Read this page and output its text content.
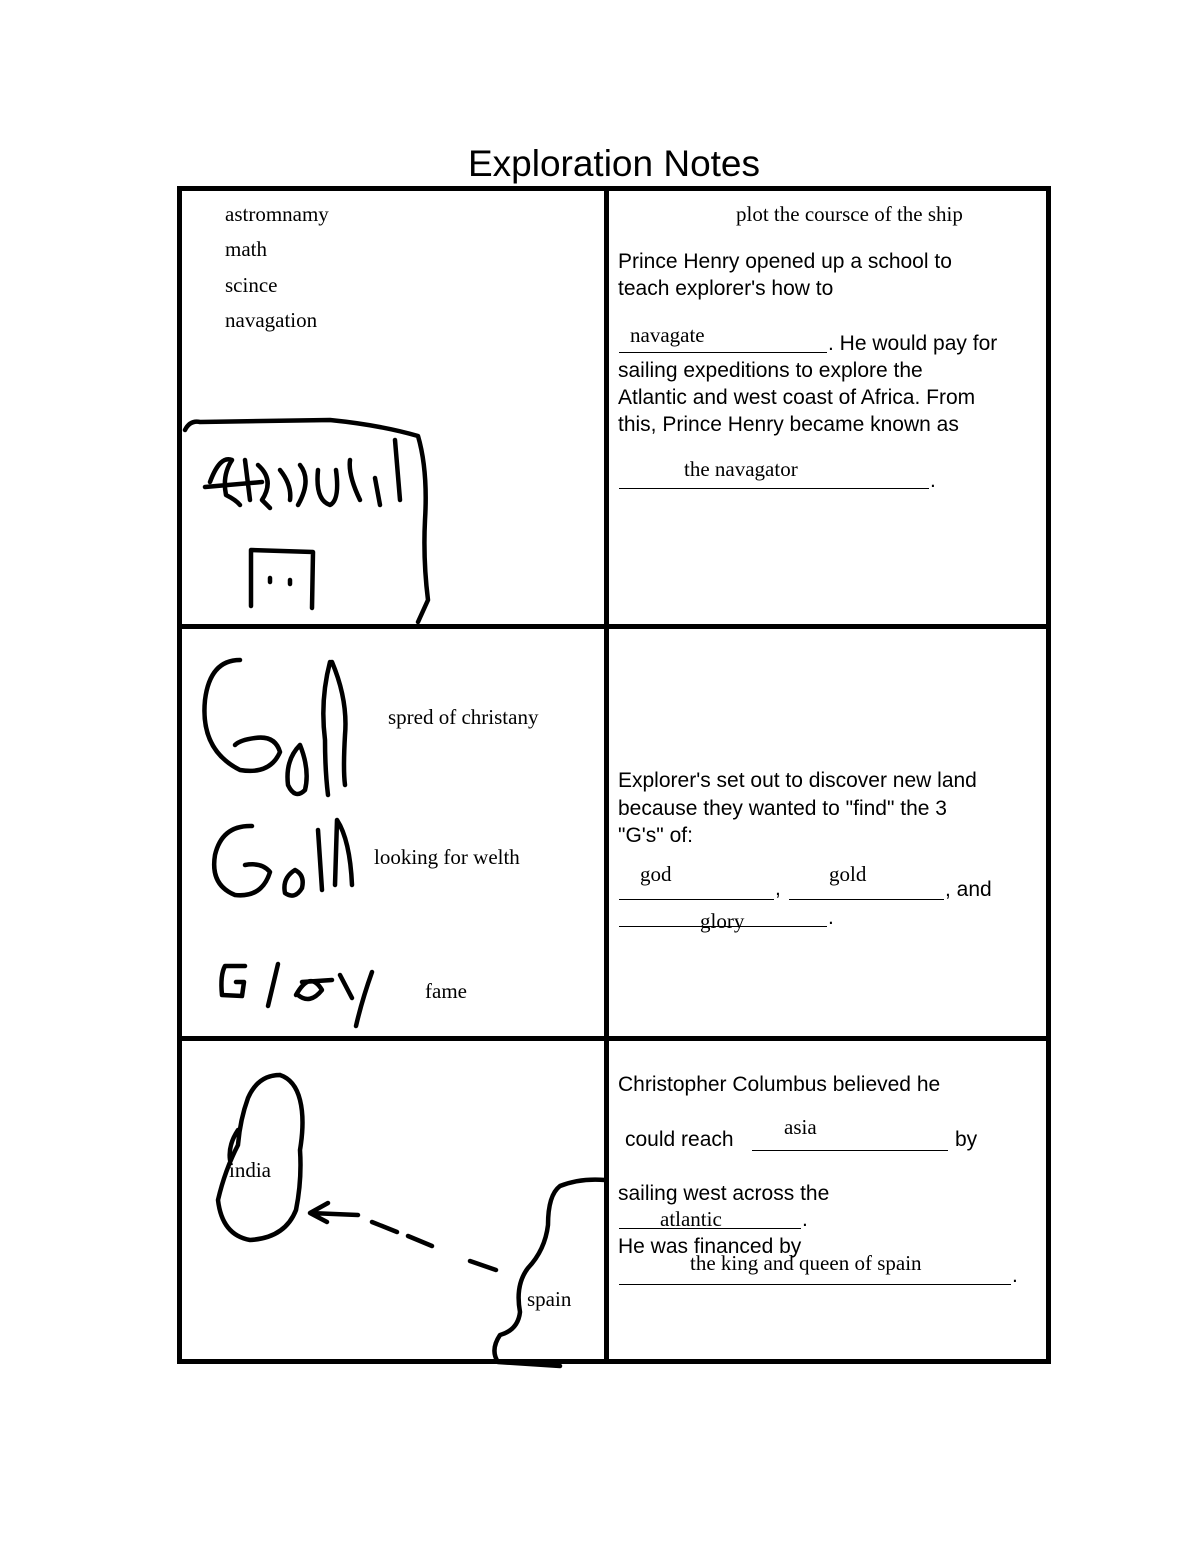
Exploration Notes
astromnamy
math
scince
navagation
plot the coursce of the ship
Prince Henry opened up a school to
teach explorer's how to
navagate	. He would pay for
sailing expeditions to explore the
Atlantic and west coast of Africa. From
this, Prince Henry became known as
the navagator	.
spred of christany
looking for welth
fame
Explorer's set out to discover new land
because they wanted to "find" the 3
"G's" of:
god
,
gold
, and
glory	.
india
spain
Christopher Columbus believed he
could reach
asia
by
sailing west across the
atlantic	.
He was financed by
the king and queen of spain
.
